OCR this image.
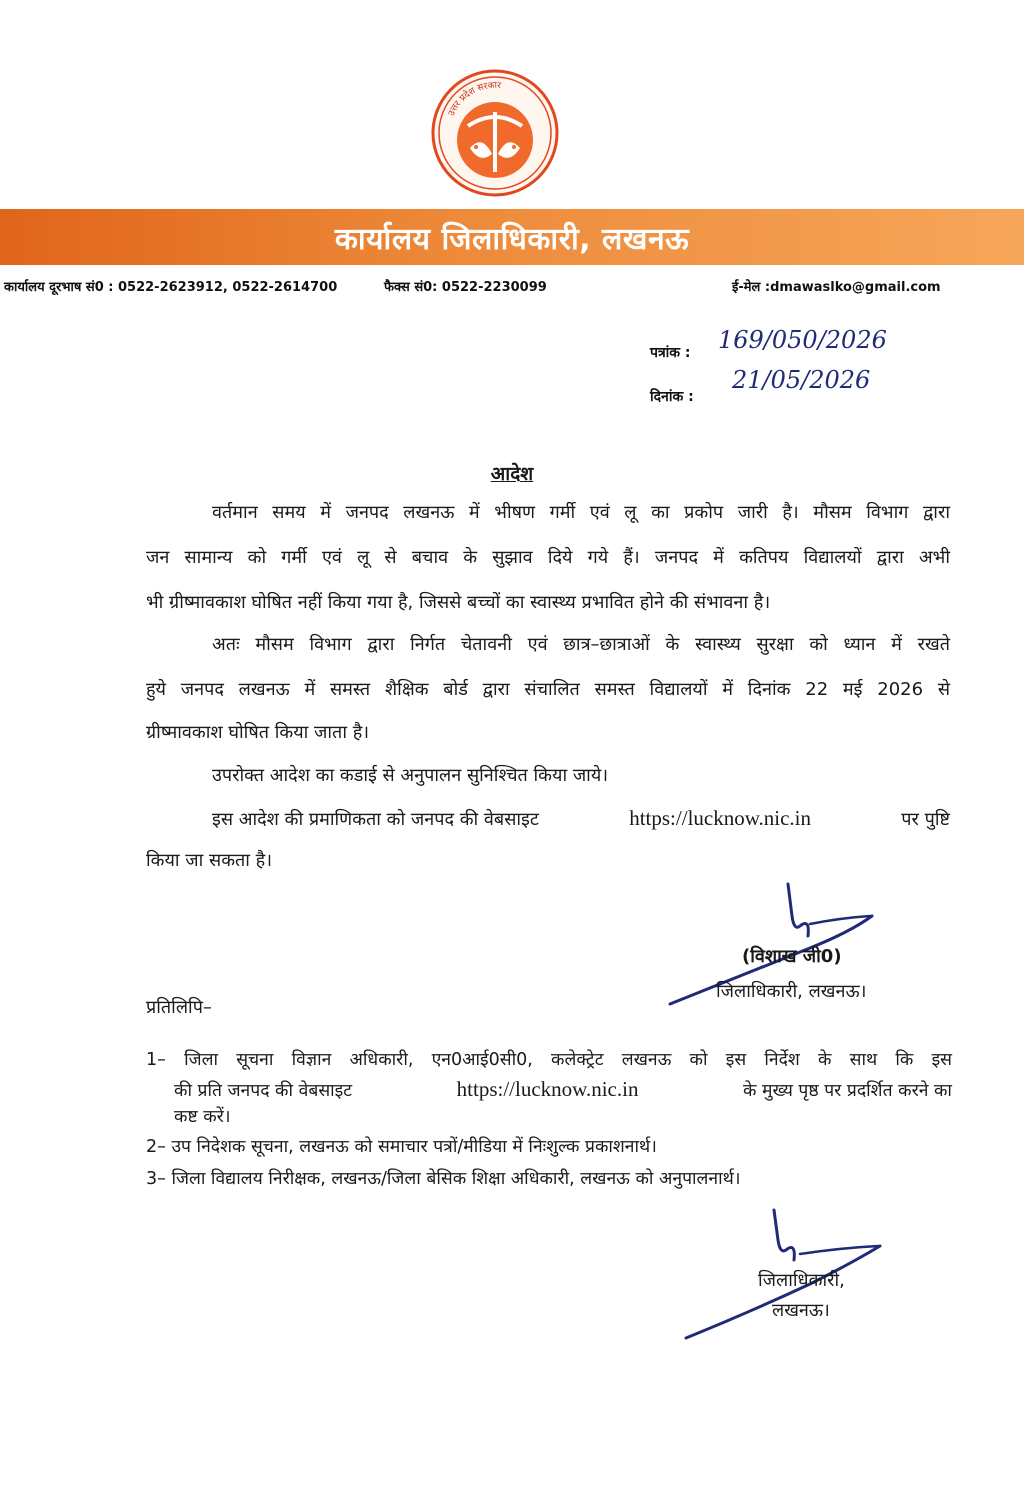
उत्तर प्रदेश सरकार
कार्यालय जिलाधिकारी, लखनऊ
कार्यालय दूरभाष सं0 : 0522-2623912, 0522-2614700	फैक्स सं0: 0522-2230099	ई-मेल :dmawaslko@gmail.com
पत्रांक : 169/050/2026
दिनांक :
21/05/2026
आदेश
वर्तमान समय में जनपद लखनऊ में भीषण गर्मी एवं लू का प्रकोप जारी है। मौसम विभाग द्वारा
जन सामान्य को गर्मी एवं लू से बचाव के सुझाव दिये गये हैं। जनपद में कतिपय विद्यालयों द्वारा अभी
भी ग्रीष्मावकाश घोषित नहीं किया गया है, जिससे बच्चों का स्वास्थ्य प्रभावित होने की संभावना है।
अतः मौसम विभाग द्वारा निर्गत चेतावनी एवं छात्र–छात्राओं के स्वास्थ्य सुरक्षा को ध्यान में रखते
हुये जनपद लखनऊ में समस्त शैक्षिक बोर्ड द्वारा संचालित समस्त विद्यालयों में दिनांक 22 मई 2026 से
ग्रीष्मावकाश घोषित किया जाता है।
उपरोक्त आदेश का कडाई से अनुपालन सुनिश्चित किया जाये।
इस आदेश की प्रमाणिकता को जनपद की वेबसाइट	https://lucknow.nic.in	पर पुष्टि
किया जा सकता है।
(विशाख जी0)
जिलाधिकारी, लखनऊ।
प्रतिलिपि–
1– जिला सूचना विज्ञान अधिकारी, एन0आई0सी0, कलेक्ट्रेट लखनऊ को इस निर्देश के साथ कि इस
की प्रति जनपद की वेबसाइट	https://lucknow.nic.in	के मुख्य पृष्ठ पर प्रदर्शित करने का
कष्ट करें।
2– उप निदेशक सूचना, लखनऊ को समाचार पत्रों/मीडिया में निःशुल्क प्रकाशनार्थ।
3– जिला विद्यालय निरीक्षक, लखनऊ/जिला बेसिक शिक्षा अधिकारी, लखनऊ को अनुपालनार्थ।
जिलाधिकारी,
लखनऊ।
